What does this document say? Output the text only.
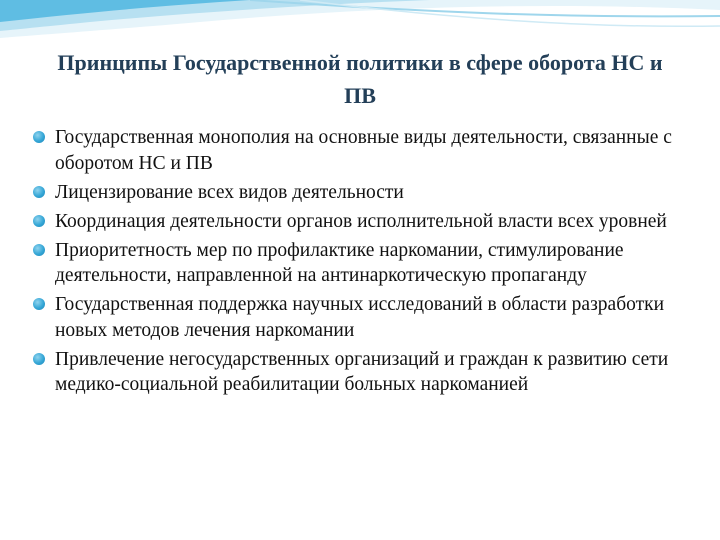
Принципы Государственной политики в сфере оборота НС и ПВ
Государственная монополия на основные виды деятельности, связанные с оборотом НС и ПВ
Лицензирование всех видов деятельности
Координация деятельности органов исполнительной власти всех уровней
Приоритетность мер по профилактике наркомании, стимулирование деятельности, направленной на антинаркотическую пропаганду
Государственная поддержка научных исследований в области разработки новых методов лечения наркомании
Привлечение негосударственных организаций и граждан к развитию сети медико-социальной реабилитации больных наркоманией
